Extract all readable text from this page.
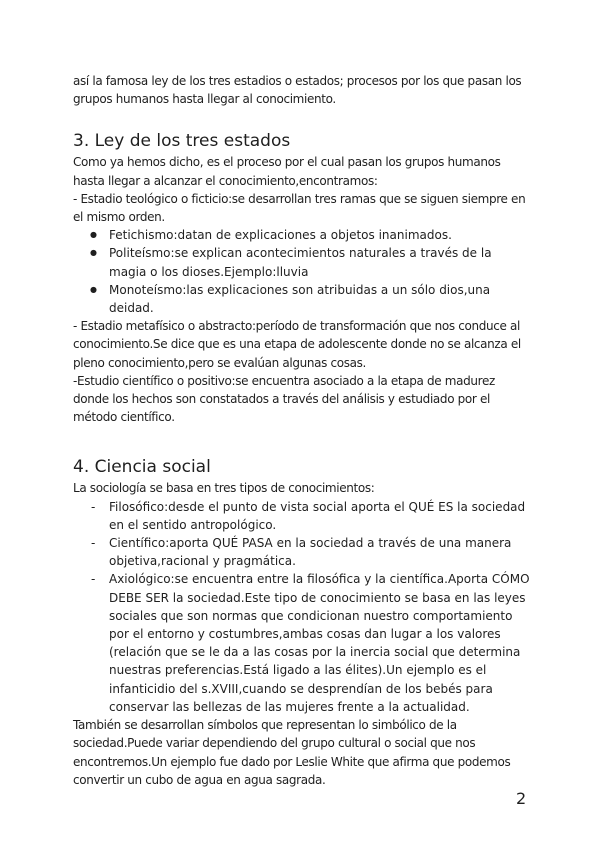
así la famosa ley de los tres estadios o estados; procesos por los que pasan los grupos humanos hasta llegar al conocimiento.

3. Ley de los tres estados

Como ya hemos dicho, es el proceso por el cual pasan los grupos humanos hasta llegar a alcanzar el conocimiento,encontramos:

- Estadio teológico o ficticio:se desarrollan tres ramas que se siguen siempre en el mismo orden.

● Fetichismo:datan de explicaciones a objetos inanimados.
● Politeísmo:se explican acontecimientos naturales a través de la magia o los dioses.Ejemplo:lluvia
● Monoteísmo:las explicaciones son atribuidas a un sólo dios,una deidad.

- Estadio metafísico o abstracto:período de transformación que nos conduce al conocimiento.Se dice que es una etapa de adolescente donde no se alcanza el pleno conocimiento,pero se evalúan algunas cosas.

-Estudio científico o positivo:se encuentra asociado a la etapa de madurez donde los hechos son constatados a través del análisis y estudiado por el método científico.

4. Ciencia social

La sociología se basa en tres tipos de conocimientos:

- Filosófico:desde el punto de vista social aporta el QUÉ ES la sociedad en el sentido antropológico.
- Científico:aporta QUÉ PASA en la sociedad a través de una manera objetiva,racional y pragmática.
- Axiológico:se encuentra entre la filosófica y la científica.Aporta CÓMO DEBE SER la sociedad.Este tipo de conocimiento se basa en las leyes sociales que son normas que condicionan nuestro comportamiento por el entorno y costumbres,ambas cosas dan lugar a los valores (relación que se le da a las cosas por la inercia social que determina nuestras preferencias.Está ligado a las élites).Un ejemplo es el infanticidio del s.XVIII,cuando se desprendían de los bebés para conservar las bellezas de las mujeres frente a la actualidad.

También se desarrollan símbolos que representan lo simbólico de la sociedad.Puede variar dependiendo del grupo cultural o social que nos encontremos.Un ejemplo fue dado por Leslie White que afirma que podemos convertir un cubo de agua en agua sagrada.

2
